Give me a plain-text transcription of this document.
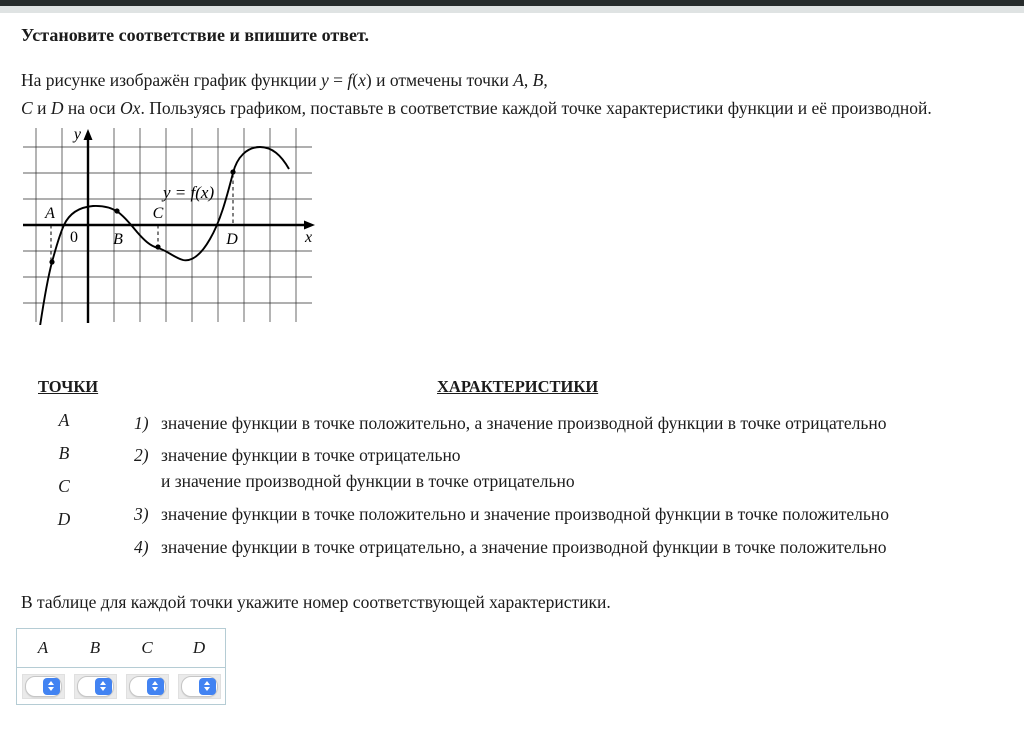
Установите соответствие и впишите ответ.
На рисунке изображён график функции y = f(x) и отмечены точки A, B,
C и D на оси Ox. Пользуясь графиком, поставьте в соответствие каждой точке характеристики функции и её производной.
y
x
0
A
B
C
D
y = f(x)
ТОЧКИ	ХАРАКТЕРИСТИКИ
A
B
C
D
1) значение функции в точке положительно, а значение производной функции в точке отрицательно
2) значение функции в точке отрицательно
и значение производной функции в точке отрицательно
3) значение функции в точке положительно и значение производной функции в точке положительно
4) значение функции в точке отрицательно, а значение производной функции в точке положительно
В таблице для каждой точки укажите номер соответствующей характеристики.
A	B	C	D
